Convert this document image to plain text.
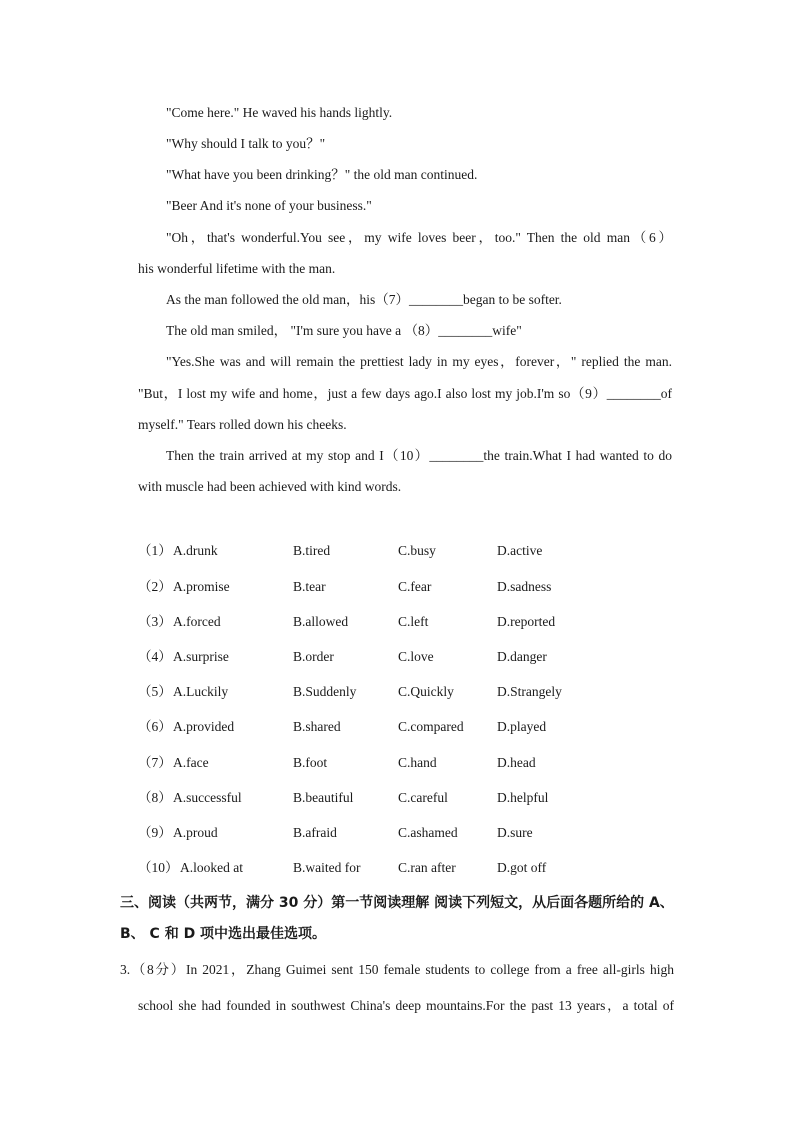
"Come here." He waved his hands lightly.
"Why should I talk to you？"
"What have you been drinking？" the old man continued.
"Beer And it's none of your business."
"Oh，that's wonderful.You see，my wife loves beer，too." Then the old man（6）
his wonderful lifetime with the man.
As the man followed the old man，his（7）________began to be softer.
The old man smiled， "I'm sure you have a （8）________wife"
"Yes.She was and will remain the prettiest lady in my eyes，forever，" replied the man.
"But，I lost my wife and home，just a few days ago.I also lost my job.I'm so（9）________of
myself." Tears rolled down his cheeks.
Then the train arrived at my stop and I（10）________the train.What I had wanted to do
with muscle had been achieved with kind words.
（1） A.drunk	B.tired	C.busy	D.active
（2） A.promise	B.tear	C.fear	D.sadness
（3） A.forced	B.allowed	C.left	D.reported
（4） A.surprise	B.order	C.love	D.danger
（5） A.Luckily	B.Suddenly	C.Quickly	D.Strangely
（6） A.provided	B.shared	C.compared D.played
（7） A.face	B.foot	C.hand	D.head
（8） A.successful	B.beautiful	C.careful	D.helpful
（9） A.proud	B.afraid	C.ashamed	D.sure
（10） A.looked at	B.waited for	C.ran after	D.got off
三、阅读（共两节，满分 30 分）第一节阅读理解 阅读下列短文，从后面各题所给的 A、
B、 C 和 D 项中选出最佳选项。
3.（8分）In 2021，Zhang Guimei sent 150 female students to college from a free all-girls high
school she had founded in southwest China's deep mountains.For the past 13 years，a total of
